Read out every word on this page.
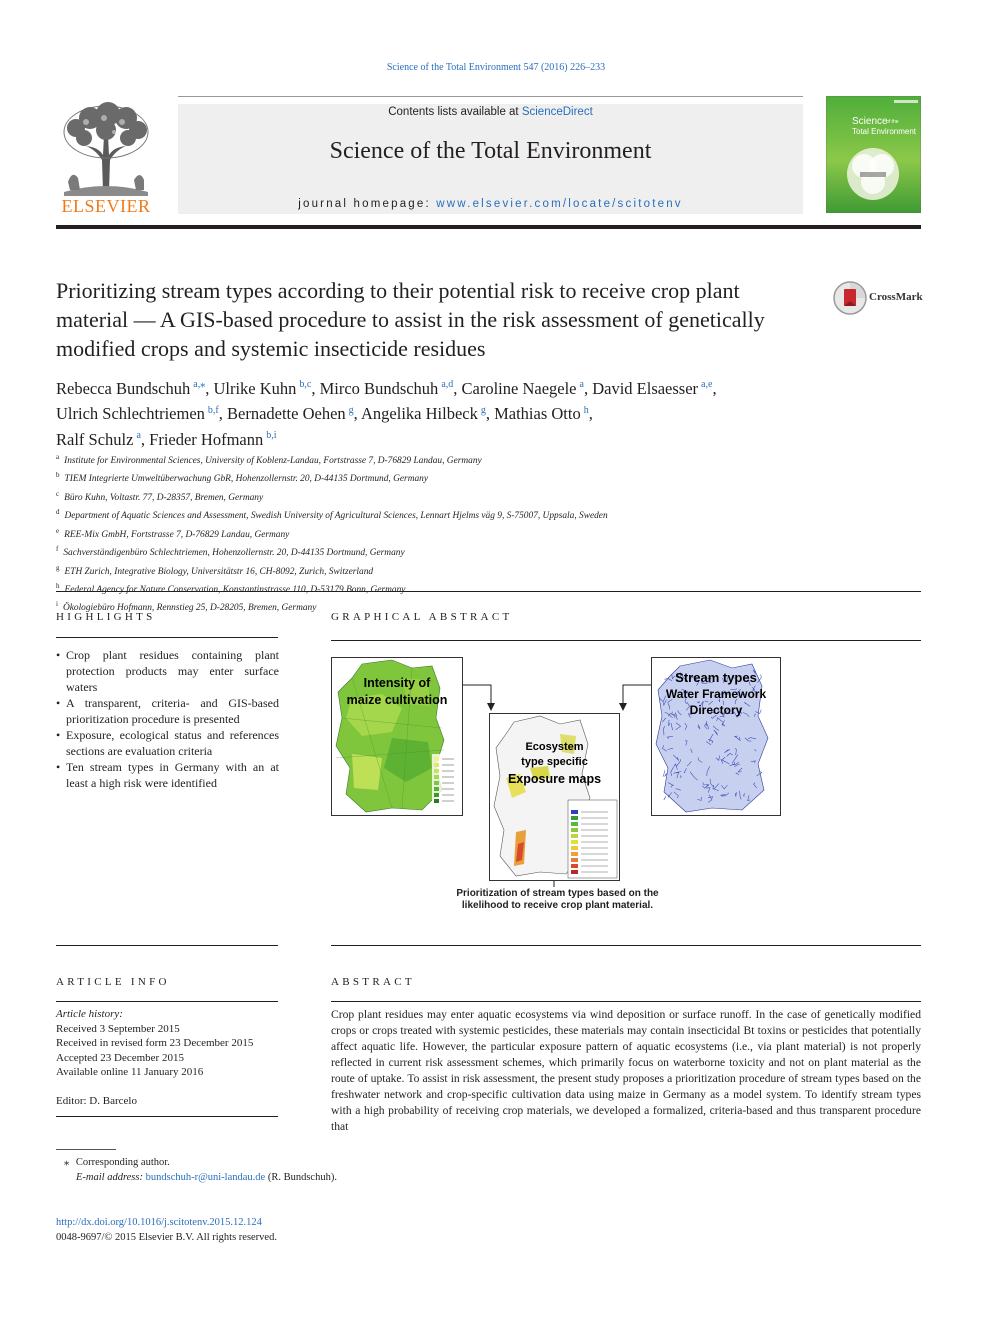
Science of the Total Environment 547 (2016) 226–233
ELSEVIER
Contents lists available at ScienceDirect
Science of the Total Environment
journal homepage: www.elsevier.com/locate/scitotenv
Science
of the
Total Environment
Prioritizing stream types according to their potential risk to receive crop plant material — A GIS-based procedure to assist in the risk assessment of genetically modified crops and systemic insecticide residues
CrossMark
Rebecca Bundschuh $^{a,⁎}$, Ulrike Kuhn $^{b,c}$, Mirco Bundschuh $^{a,d}$, Caroline Naegele $^a$, David Elsaesser $^{a,e}$,
Ulrich Schlechtriemen $^{b,f}$, Bernadette Oehen $^g$, Angelika Hilbeck $^g$, Mathias Otto $^h$,
Ralf Schulz $^a$, Frieder Hofmann $^{b,i}$
$^a$ Institute for Environmental Sciences, University of Koblenz-Landau, Fortstrasse 7, D-76829 Landau, Germany
$^b$ TIEM Integrierte Umweltüberwachung GbR, Hohenzollernstr. 20, D-44135 Dortmund, Germany
$^c$ Büro Kuhn, Voltastr. 77, D-28357, Bremen, Germany
$^d$ Department of Aquatic Sciences and Assessment, Swedish University of Agricultural Sciences, Lennart Hjelms väg 9, S-75007, Uppsala, Sweden
$^e$ REE-Mix GmbH, Fortstrasse 7, D-76829 Landau, Germany
$^f$ Sachverständigenbüro Schlechtriemen, Hohenzollernstr. 20, D-44135 Dortmund, Germany
$^g$ ETH Zurich, Integrative Biology, Universitätstr 16, CH-8092, Zurich, Switzerland
$^h$
$^i$ Ökologiebüro Hofmann, Rennstieg 25, D-28205, Bremen, Germany
HIGHLIGHTS
• Crop plant residues containing plant protection products may enter surface waters
• A transparent, criteria- and GIS-based prioritization procedure is presented
• Exposure, ecological status and references sections are evaluation criteria
• Ten stream types in Germany with an at least a high risk were identified
GRAPHICAL ABSTRACT
Intensity of
maize cultivation
Stream types
Water Framework
Directory
Ecosystem
type specific
Exposure maps
Prioritization of stream types based on the
likelihood to receive crop plant material.
ARTICLE INFO
Article history:
Received 3 September 2015
Received in revised form 23 December 2015
Accepted 23 December 2015
Available online 11 January 2016
Editor: D. Barcelo
ABSTRACT
Crop plant residues may enter aquatic ecosystems via wind deposition or surface runoff. In the case of genetically modified crops or crops treated with systemic pesticides, these materials may contain insecticidal Bt toxins or pesticides that potentially affect aquatic life. However, the particular exposure pattern of aquatic ecosystems (i.e., via plant material) is not properly reflected in current risk assessment schemes, which primarily focus on waterborne toxicity and not on plant material as the route of uptake. To assist in risk assessment, the present study proposes a prioritization procedure of stream types based on the freshwater network and crop-specific cultivation data using maize in Germany as a model system. To identify stream types with a high probability of receiving crop materials, we developed a formalized, criteria-based and thus transparent procedure that
⁎ Corresponding author.
E-mail address: bundschuh-r@uni-landau.de (R. Bundschuh).
http://dx.doi.org/10.1016/j.scitotenv.2015.12.124
0048-9697/© 2015 Elsevier B.V. All rights reserved.
